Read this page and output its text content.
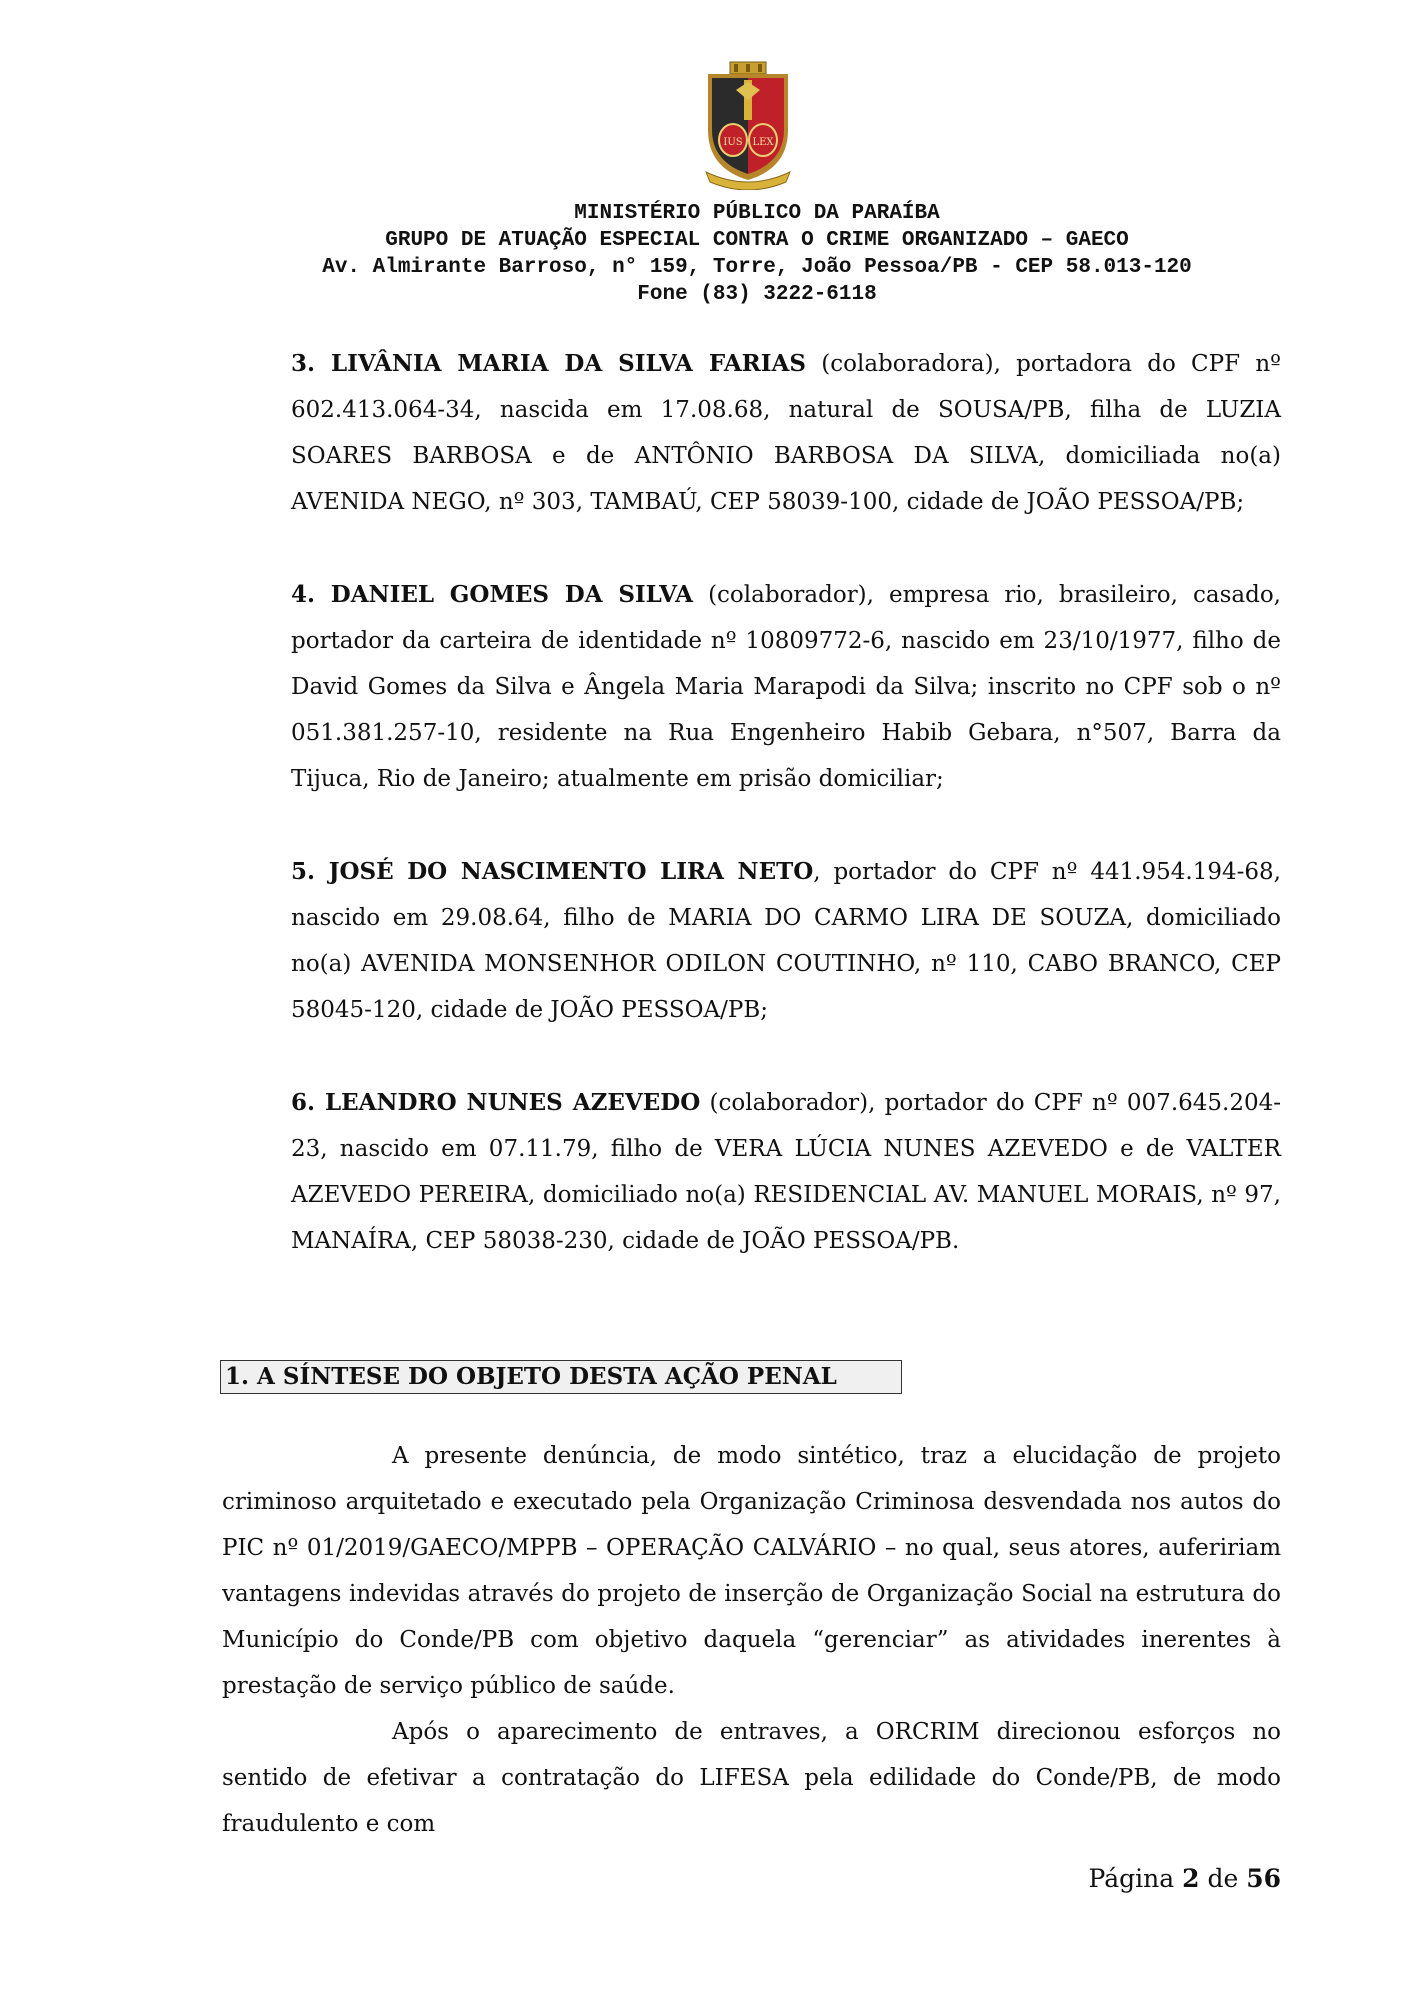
IUS LEX
MINISTÉRIO PÚBLICO DA PARAÍBA
GRUPO DE ATUAÇÃO ESPECIAL CONTRA O CRIME ORGANIZADO – GAECO
Av. Almirante Barroso, n° 159, Torre, João Pessoa/PB - CEP 58.013-120
Fone (83) 3222-6118

3. LIVÂNIA MARIA DA SILVA FARIAS (colaboradora), portadora do CPF nº 602.413.064-34, nascida em 17.08.68, natural de SOUSA/PB, filha de LUZIA SOARES BARBOSA e de ANTÔNIO BARBOSA DA SILVA, domiciliada no(a) AVENIDA NEGO, nº 303, TAMBAÚ, CEP 58039-100, cidade de JOÃO PESSOA/PB;

4. DANIEL GOMES DA SILVA (colaborador), empresa rio, brasileiro, casado, portador da carteira de identidade nº 10809772-6, nascido em 23/10/1977, filho de David Gomes da Silva e Ângela Maria Marapodi da Silva; inscrito no CPF sob o nº 051.381.257-10, residente na Rua Engenheiro Habib Gebara, n°507, Barra da Tijuca, Rio de Janeiro; atualmente em prisão domiciliar;

5. JOSÉ DO NASCIMENTO LIRA NETO, portador do CPF nº 441.954.194-68, nascido em 29.08.64, filho de MARIA DO CARMO LIRA DE SOUZA, domiciliado no(a) AVENIDA MONSENHOR ODILON COUTINHO, nº 110, CABO BRANCO, CEP 58045-120, cidade de JOÃO PESSOA/PB;

6. LEANDRO NUNES AZEVEDO (colaborador), portador do CPF nº 007.645.204-23, nascido em 07.11.79, filho de VERA LÚCIA NUNES AZEVEDO e de VALTER AZEVEDO PEREIRA, domiciliado no(a) RESIDENCIAL AV. MANUEL MORAIS, nº 97, MANAÍRA, CEP 58038-230, cidade de JOÃO PESSOA/PB.

1. A SÍNTESE DO OBJETO DESTA AÇÃO PENAL

A presente denúncia, de modo sintético, traz a elucidação de projeto criminoso arquitetado e executado pela Organização Criminosa desvendada nos autos do PIC nº 01/2019/GAECO/MPPB – OPERAÇÃO CALVÁRIO – no qual, seus atores, aufeririam vantagens indevidas através do projeto de inserção de Organização Social na estrutura do Município do Conde/PB com objetivo daquela “gerenciar” as atividades inerentes à prestação de serviço público de saúde.

Após o aparecimento de entraves, a ORCRIM direcionou esforços no sentido de efetivar a contratação do LIFESA pela edilidade do Conde/PB, de modo fraudulento e com

Página 2 de 56
